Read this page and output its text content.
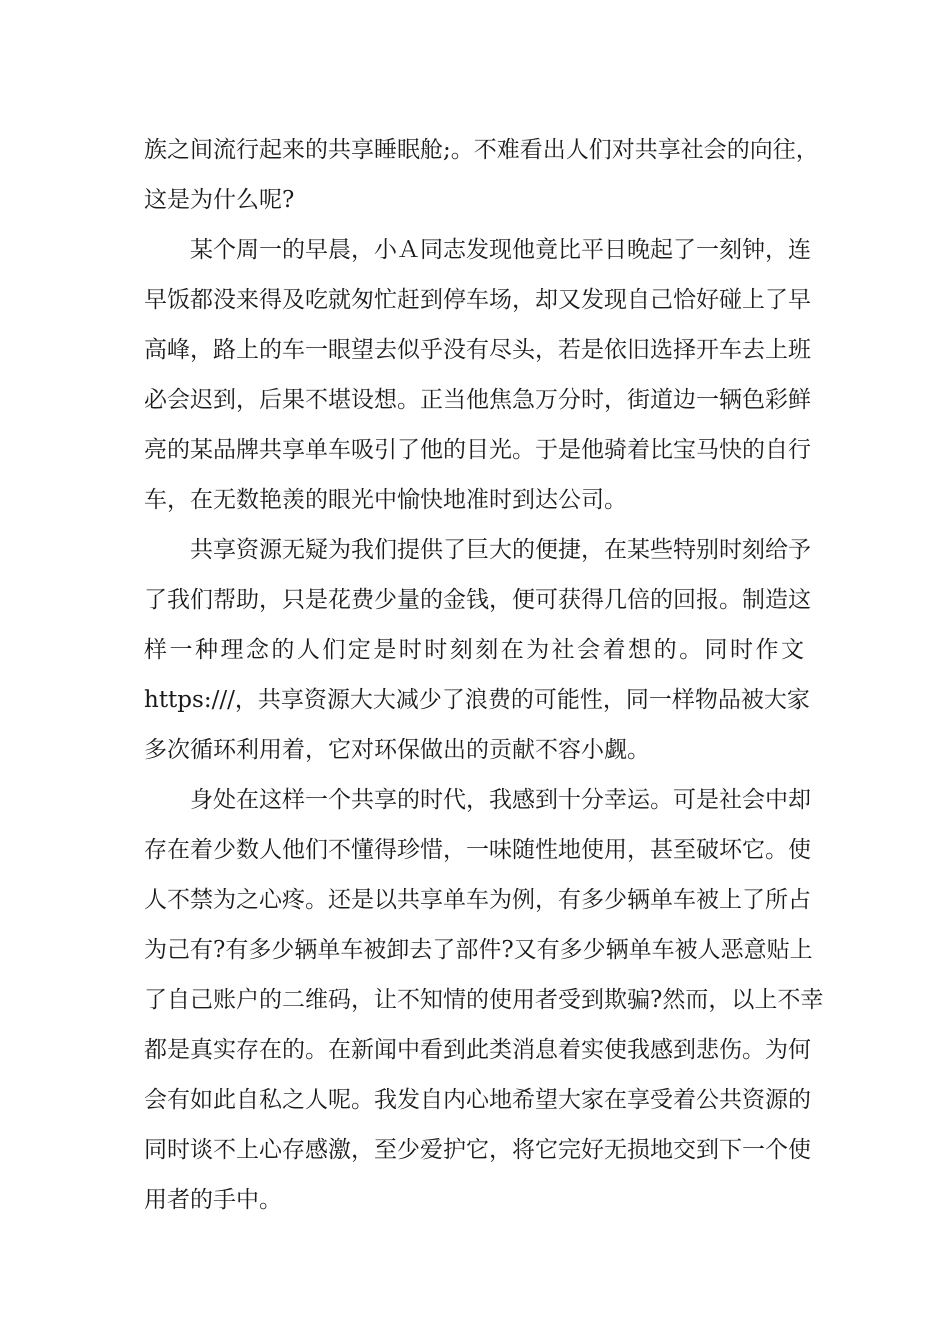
族之间流行起来的共享睡眠舱;。不难看出人们对共享社会的向往，
这是为什么呢?
　　某个周一的早晨，小Ａ同志发现他竟比平日晚起了一刻钟，连
早饭都没来得及吃就匆忙赶到停车场，却又发现自己恰好碰上了早
高峰，路上的车一眼望去似乎没有尽头，若是依旧选择开车去上班
必会迟到，后果不堪设想。正当他焦急万分时，街道边一辆色彩鲜
亮的某品牌共享单车吸引了他的目光。于是他骑着比宝马快的自行
车，在无数艳羡的眼光中愉快地准时到达公司。
　　共享资源无疑为我们提供了巨大的便捷，在某些特别时刻给予
了我们帮助，只是花费少量的金钱，便可获得几倍的回报。制造这
样一种理念的人们定是时时刻刻在为社会着想的。同时作文
https:///，共享资源大大减少了浪费的可能性，同一样物品被大家
多次循环利用着，它对环保做出的贡献不容小觑。
　　身处在这样一个共享的时代，我感到十分幸运。可是社会中却
存在着少数人他们不懂得珍惜，一味随性地使用，甚至破坏它。使
人不禁为之心疼。还是以共享单车为例，有多少辆单车被上了所占
为己有?有多少辆单车被卸去了部件?又有多少辆单车被人恶意贴上
了自己账户的二维码，让不知情的使用者受到欺骗?然而，以上不幸
都是真实存在的。在新闻中看到此类消息着实使我感到悲伤。为何
会有如此自私之人呢。我发自内心地希望大家在享受着公共资源的
同时谈不上心存感激，至少爱护它，将它完好无损地交到下一个使
用者的手中。
